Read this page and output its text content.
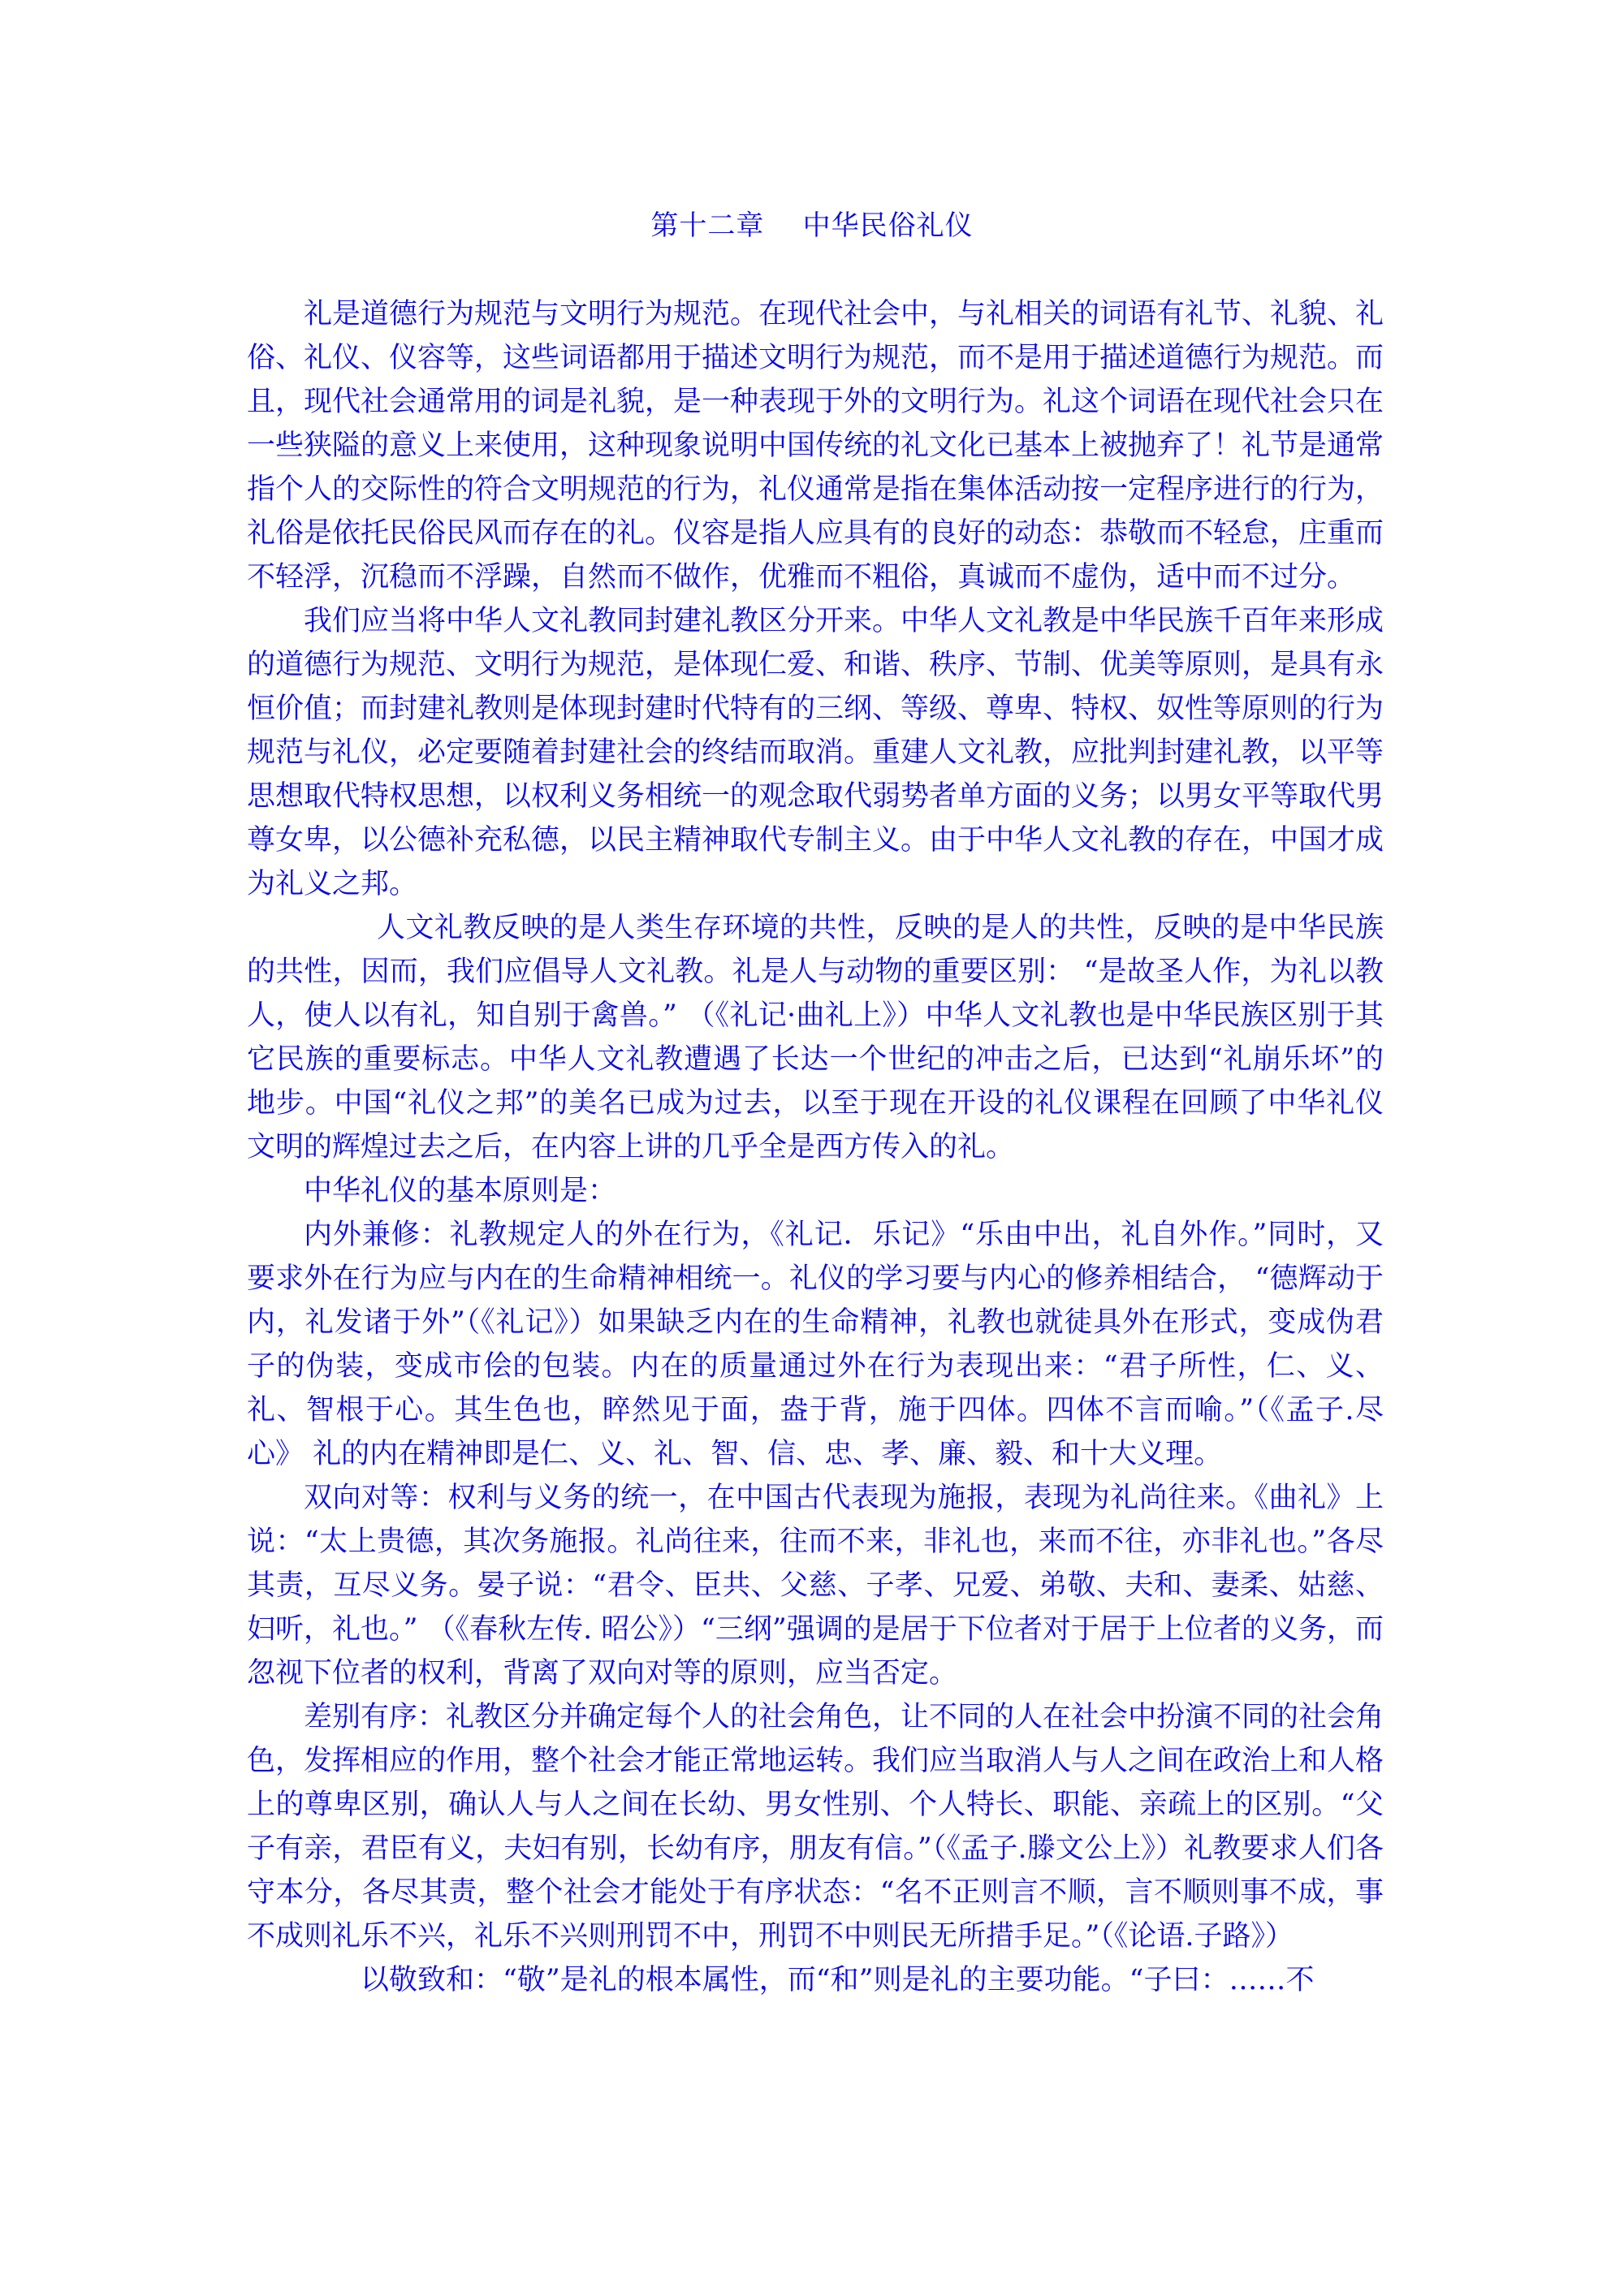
第十二章    中华民俗礼仪

礼是道德行为规范与文明行为规范。在现代社会中，与礼相关的词语有礼节、礼貌、礼俗、礼仪、仪容等，这些词语都用于描述文明行为规范，而不是用于描述道德行为规范。而且，现代社会通常用的词是礼貌，是一种表现于外的文明行为。礼这个词语在现代社会只在一些狭隘的意义上来使用，这种现象说明中国传统的礼文化已基本上被抛弃了！礼节是通常指个人的交际性的符合文明规范的行为，礼仪通常是指在集体活动按一定程序进行的行为，礼俗是依托民俗民风而存在的礼。仪容是指人应具有的良好的动态：恭敬而不轻怠，庄重而不轻浮，沉稳而不浮躁，自然而不做作，优雅而不粗俗，真诚而不虚伪，适中而不过分。

我们应当将中华人文礼教同封建礼教区分开来。中华人文礼教是中华民族千百年来形成的道德行为规范、文明行为规范，是体现仁爱、和谐、秩序、节制、优美等原则，是具有永恒价值；而封建礼教则是体现封建时代特有的三纲、等级、尊卑、特权、奴性等原则的行为规范与礼仪，必定要随着封建社会的终结而取消。重建人文礼教，应批判封建礼教，以平等思想取代特权思想，以权利义务相统一的观念取代弱势者单方面的义务；以男女平等取代男尊女卑，以公德补充私德，以民主精神取代专制主义。由于中华人文礼教的存在，中国才成为礼义之邦。

人文礼教反映的是人类生存环境的共性，反映的是人的共性，反映的是中华民族的共性，因而，我们应倡导人文礼教。礼是人与动物的重要区别： “是故圣人作，为礼以教人，使人以有礼，知自别于禽兽。” （《礼记·曲礼上》）中华人文礼教也是中华民族区别于其它民族的重要标志。中华人文礼教遭遇了长达一个世纪的冲击之后，已达到“礼崩乐坏”的地步。中国“礼仪之邦”的美名已成为过去，以至于现在开设的礼仪课程在回顾了中华礼仪文明的辉煌过去之后，在内容上讲的几乎全是西方传入的礼。

中华礼仪的基本原则是：

内外兼修：礼教规定人的外在行为，《礼记．乐记》“乐由中出，礼自外作。”同时，又要求外在行为应与内在的生命精神相统一。礼仪的学习要与内心的修养相结合， “德辉动于内，礼发诸于外”（《礼记》）如果缺乏内在的生命精神，礼教也就徒具外在形式，变成伪君子的伪装，变成市侩的包装。内在的质量通过外在行为表现出来：“君子所性，仁、义、礼、智根于心。其生色也，睟然见于面，盎于背，施于四体。四体不言而喻。”（《孟子.尽心》 礼的内在精神即是仁、义、礼、智、信、忠、孝、廉、毅、和十大义理。

双向对等：权利与义务的统一，在中国古代表现为施报，表现为礼尚往来。《曲礼》上说：“太上贵德，其次务施报。礼尚往来，往而不来，非礼也，来而不往，亦非礼也。”各尽其责，互尽义务。晏子说：“君令、臣共、父慈、子孝、兄爱、弟敬、夫和、妻柔、姑慈、妇听，礼也。” （《春秋左传. 昭公》）“三纲”强调的是居于下位者对于居于上位者的义务，而忽视下位者的权利，背离了双向对等的原则，应当否定。

差别有序：礼教区分并确定每个人的社会角色，让不同的人在社会中扮演不同的社会角色，发挥相应的作用，整个社会才能正常地运转。我们应当取消人与人之间在政治上和人格上的尊卑区别，确认人与人之间在长幼、男女性别、个人特长、职能、亲疏上的区别。“父子有亲，君臣有义，夫妇有别，长幼有序，朋友有信。”（《孟子.滕文公上》）礼教要求人们各守本分，各尽其责，整个社会才能处于有序状态：“名不正则言不顺，言不顺则事不成，事不成则礼乐不兴，礼乐不兴则刑罚不中，刑罚不中则民无所措手足。”（《论语.子路》）

以敬致和：“敬”是礼的根本属性，而“和”则是礼的主要功能。“子曰：……不
